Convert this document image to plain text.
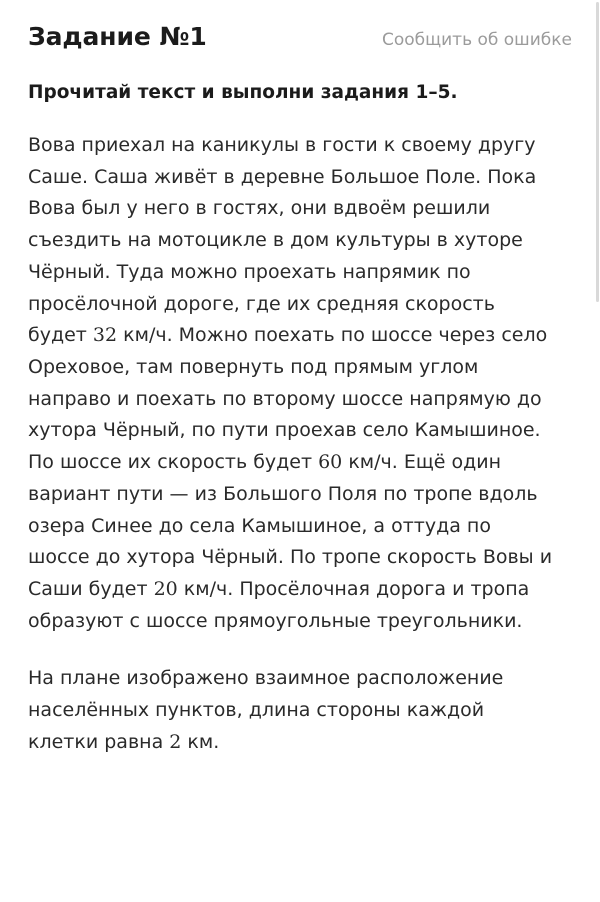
Задание №1	Сообщить об ошибке
Прочитай текст и выполни задания 1–5.
Вова приехал на каникулы в гости к своему другу Саше. Саша живёт в деревне Большое Поле. Пока Вова был у него в гостях, они вдвоём решили съездить на мотоцикле в дом культуры в хуторе Чёрный. Туда можно проехать напрямик по просёлочной дороге, где их средняя скорость будет 32 км/ч. Можно поехать по шоссе через село Ореховое, там повернуть под прямым углом направо и поехать по второму шоссе напрямую до хутора Чёрный, по пути проехав село Камышиное. По шоссе их скорость будет 60 км/ч. Ещё один вариант пути — из Большого Поля по тропе вдоль озера Синее до села Камышиное, а оттуда по шоссе до хутора Чёрный. По тропе скорость Вовы и Саши будет 20 км/ч. Просёлочная дорога и тропа образуют с шоссе прямоугольные треугольники.
На плане изображено взаимное расположение населённых пунктов, длина стороны каждой клетки равна 2 км.
